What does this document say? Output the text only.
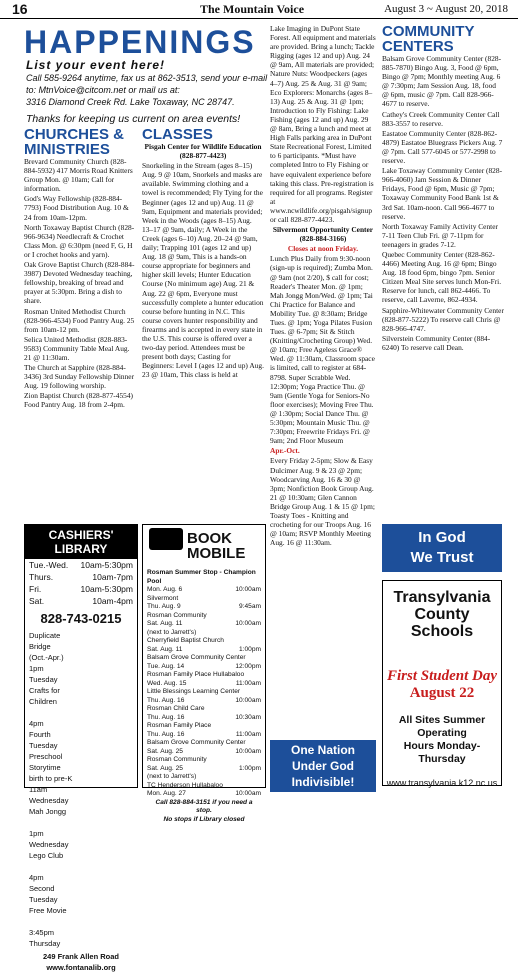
16	The Mountain Voice	August 3 ~ August 20, 2018
HAPPENINGS
List your event here!
Call 585-9264 anytime, fax us at 862-3513, send your e-mail
to: MtnVoice@citcom.net or mail us at:
3316 Diamond Creek Rd. Lake Toxaway, NC 28747.
Thanks for keeping us current on area events!
CHURCHES & MINISTRIES

Brevard Community Church (828-884-5932) 417 Morris Road Knitters Group Mon. @ 10am; Call for information.

God's Way Fellowship (828-884-7793) Food Distribution Aug. 10 & 24 from 10am-12pm.

North Toxaway Baptist Church (828-966-9634) Needlecraft & Crochet Class Mon. @ 6:30pm (need F, G, H or I crochet hooks and yarn).

Oak Grove Baptist Church (828-884-3987) Devoted Wednesday teaching, fellowship, breaking of bread and prayer at 5:30pm. Bring a dish to share.

Rosman United Methodist Church (828-966-4534) Food Pantry Aug. 25 from 10am-12 pm.

Selica United Methodist (828-883-9583) Community Table Meal Aug. 21 @ 11:30am.

The Church at Sapphire (828-884-3436) 3rd Sunday Fellowship Dinner Aug. 19 following worship.

Zion Baptist Church (828-877-4554) Food Pantry Aug. 18 from 2-4pm.

CLASSES

Pisgah Center for Wildlife Education (828-877-4423)

Snorkeling in the Stream (ages 8–15) Aug. 9 @ 10am, Snorkels and masks are available. Swimming clothing and a towel is recommended; Fly Tying for the Beginner (ages 12 and up) Aug. 11 @ 9am, Equipment and materials provided; Week in the Woods (ages 8–15) Aug. 13–17 @ 9am, daily; A Week in the Creek (ages 6–10) Aug. 20–24 @ 9am, daily; Trapping 101 (ages 12 and up) Aug. 18 @ 9am, This is a hands-on course appropriate for beginners and higher skill levels; Hunter Education Course (No minimum age) Aug. 21 & Aug. 22 @ 6pm, Everyone must successfully complete a hunter education course before hunting in N.C. This course covers hunter responsibility and firearms and is accepted in every state in the U.S. This course is offered over a two-day period. Attendees must be present both days; Casting for Beginners: Level I (ages 12 and up) Aug. 23 @ 10am, This class is held at

Lake Imaging in DuPont State Forest. All equipment and materials are provided. Bring a lunch; Tackle Rigging (ages 12 and up) Aug. 24 @ 9am, All materials are provided; Nature Nuts: Woodpeckers (ages 4–7) Aug. 25 & Aug. 31 @ 9am; Eco Explorers: Monarchs (ages 8–13) Aug. 25 & Aug. 31 @ 1pm; Introduction to Fly Fishing: Lake Fishing (ages 12 and up) Aug. 29 @ 8am, Bring a lunch and meet at High Falls parking area in DuPont State Recreational Forest, Limited to 6 participants. *Must have completed Intro to Fly Fishing or have equivalent experience before taking this class. Pre-registration is required for all programs. Register at www.ncwildlife.org/pisgah/signup or call 828-877-4423.

Silvermont Opportunity Center (828-884-3166)

Closes at noon Friday.

Lunch Plus Daily from 9:30-noon (sign-up is required); Zumba Mon. @ 9am (not 2/20), $ call for cost; Reader's Theater Mon. @ 1pm; Mah Jongg Mon/Wed. @ 1pm; Tai Chi Practice for Balance and Mobility Tue. @ 8:30am; Bridge Tues. @ 1pm; Yoga Pilates Fusion Tues. @ 6-7pm; Sit & Stitch (Knitting/Crocheting Group) Wed. @ 10am; Free Ageless Grace® Wed. @ 11:30am, Classroom space is limited, call to register at 684-8798. Super Scrabble Wed. 12:30pm; Yoga Practice Thu. @ 9am (Gentle Yoga for Seniors-No floor exercises); Moving Free Thu. @ 1:30pm; Social Dance Thu. @ 5:30pm; Mountain Music Thu. @ 7:30pm; Freewrite Fridays Fri. @ 9am; 2nd Floor Museum

Apr.-Oct.

Every Friday 2-5pm; Slow & Easy Dulcimer Aug. 9 & 23 @ 2pm; Woodcarving Aug. 16 & 30 @ 3pm; Nonfiction Book Group Aug. 21 @ 10:30am; Glen Cannon Bridge Group Aug. 1 & 15 @ 1pm; Toasty Toes - Knitting and crocheting for our Troops Aug. 16 @ 10am; RSVP Monthly Meeting Aug. 16 @ 11:30am.

COMMUNITY CENTERS

Balsam Grove Community Center (828-885-7870) Bingo Aug. 3, Food @ 6pm, Bingo @ 7pm; Monthly meeting Aug. 6 @ 7:30pm; Jam Session Aug. 18, food @ 6pm, music @ 7pm. Call 828-966-4677 to reserve.

Cathey's Creek Community Center Call 883-3557 to reserve.

Eastatoe Community Center (828-862-4879) Eastatoe Bluegrass Pickers Aug. 7 @ 7pm. Call 577-6045 or 577-2998 to reserve.

Lake Toxaway Community Center (828-966-4060) Jam Session & Dinner Fridays, Food @ 6pm, Music @ 7pm; Toxaway Community Food Bank 1st & 3rd Sat. 10am-noon. Call 966-4677 to reserve.

North Toxaway Family Activity Center 7-11 Teen Club Fri. @ 7-11pm for teenagers in grades 7-12.

Quebec Community Center (828-862-4466) Meeting Aug. 16 @ 6pm; Bingo Aug. 18 food 6pm, bingo 7pm. Senior Citizen Meal Site serves lunch Mon-Fri. Reserve for lunch, call 862-4466. To reserve, call Laverne, 862-4934.

Sapphire-Whitewater Community Center (828-877-5222) To reserve call Chris @ 828-966-4747.

Silverstein Community Center (884-6240) To reserve call Dean.

CASHIERS' LIBRARY
Tue.-Wed. 10am-5:30pm
Thurs.	10am-7pm
Fri.	10am-5:30pm
Sat.	10am-4pm
828-743-0215
Duplicate Bridge (Oct.-Apr.)
1pm Tuesday
Crafts for Children
4pm Fourth Tuesday
Preschool Storytime birth to pre-K
11am Wednesday
Mah Jongg
1pm Wednesday
Lego Club
4pm Second Tuesday
Free Movie
3:45pm Thursday
249 Frank Allen Road
www.fontanalib.org
BOOK MOBILE
Rosman Summer Stop - Champion Pool
Mon. Aug. 6	10:00am
Silvermont
Thu. Aug. 9	9:45am
Rosman Community
Sat. Aug. 11	10:00am
(next to Jarrett's)
Cherryfield Baptist Church
Sat. Aug. 11	1:00pm
Balsam Grove Community Center
Tue. Aug. 14	12:00pm
Rosman Family Place Hullabaloo
Wed. Aug. 15	11:00am
Little Blessings Learning Center
Thu. Aug. 16	10:00am
Rosman Child Care
Thu. Aug. 16	10:30am
Rosman Family Place
Thu. Aug. 16	11:00am
Balsam Grove Community Center
Sat. Aug. 25	10:00am
Rosman Community
Sat. Aug. 25	1:00pm
(next to Jarrett's)
TC Henderson Hullabaloo
Mon. Aug. 27	10:00am
Call 828-884-3151 if you need a stop.
No stops if Library closed
In God
We Trust
Transylvania
County Schools
First Student Day
August 22
All Sites Summer Operating
Hours Monday-Thursday
www.transylvania.k12.nc.us
One Nation
Under God
Indivisible!
